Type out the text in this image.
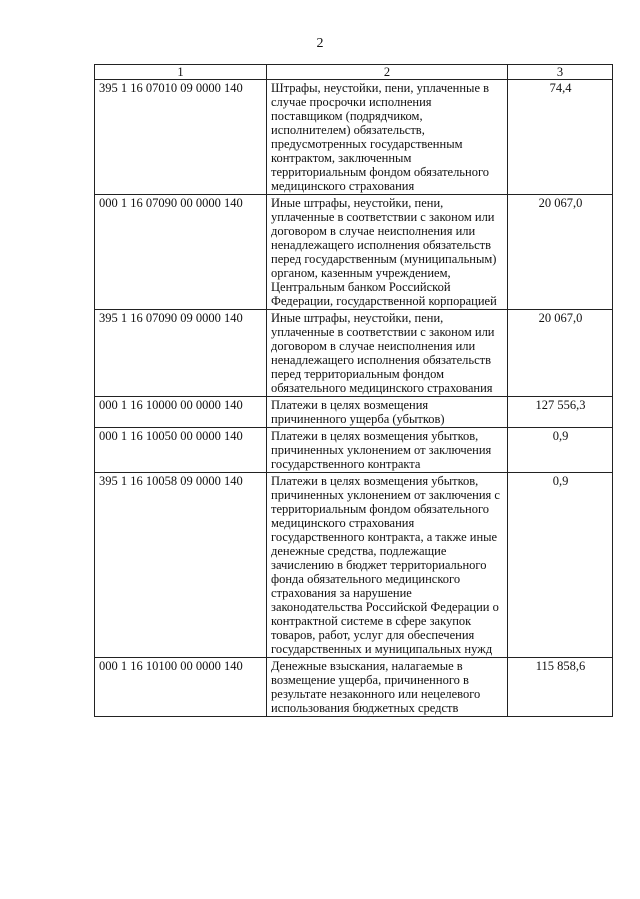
2
1	2	3
395 1 16 07010 09 0000 140	Штрафы, неустойки, пени, уплаченные в случае просрочки исполнения поставщиком (подрядчиком, исполнителем) обязательств, предусмотренных государственным контрактом, заключенным территориальным фондом обязательного медицинского страхования	74,4
000 1 16 07090 00 0000 140	Иные штрафы, неустойки, пени, уплаченные в соответствии с законом или договором в случае неисполнения или ненадлежащего исполнения обязательств перед государственным (муниципальным) органом, казенным учреждением, Центральным банком Российской Федерации, государственной корпорацией	20 067,0
395 1 16 07090 09 0000 140	Иные штрафы, неустойки, пени, уплаченные в соответствии с законом или договором в случае неисполнения или ненадлежащего исполнения обязательств перед территориальным фондом обязательного медицинского страхования	20 067,0
000 1 16 10000 00 0000 140	Платежи в целях возмещения причиненного ущерба (убытков)	127 556,3
000 1 16 10050 00 0000 140	Платежи в целях возмещения убытков, причиненных уклонением от заключения государственного контракта	0,9
395 1 16 10058 09 0000 140	Платежи в целях возмещения убытков, причиненных уклонением от заключения с территориальным фондом обязательного медицинского страхования государственного контракта, а также иные денежные средства, подлежащие зачислению в бюджет территориального фонда обязательного медицинского страхования за нарушение законодательства Российской Федерации о контрактной системе в сфере закупок товаров, работ, услуг для обеспечения государственных и муниципальных нужд	0,9
000 1 16 10100 00 0000 140	Денежные взыскания, налагаемые в возмещение ущерба, причиненного в результате незаконного или нецелевого использования бюджетных средств	115 858,6
